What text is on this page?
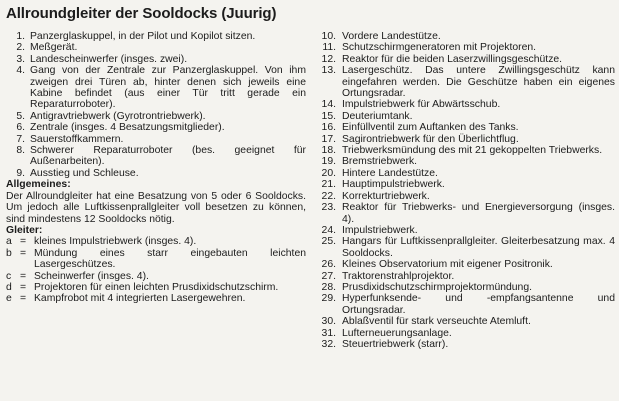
Allroundgleiter der Sooldocks (Juurig)
1. Panzerglaskuppel, in der Pilot und Kopilot sitzen.
2. Meßgerät.
3. Landescheinwerfer (insges. zwei).
4. Gang von der Zentrale zur Panzerglaskuppel. Von ihm zweigen drei Türen ab, hinter denen sich jeweils eine Kabine befindet (aus einer Tür tritt gerade ein Reparaturroboter).
5. Antigravtriebwerk (Gyrotrontriebwerk).
6. Zentrale (insges. 4 Besatzungsmitglieder).
7. Sauerstoffkammern.
8. Schwerer Reparaturroboter (bes. geeignet für Außenarbeiten).
9. Ausstieg und Schleuse.
Allgemeines:
Der Allroundgleiter hat eine Besatzung von 5 oder 6 Sooldocks. Um jedoch alle Luftkissenprallgleiter voll besetzen zu können, sind mindestens 12 Sooldocks nötig.
Gleiter:
a = kleines Impulstriebwerk (insges. 4).
b = Mündung eines starr eingebauten leichten Lasergeschützes.
c = Scheinwerfer (insges. 4).
d = Projektoren für einen leichten Prusdixidschutzschirm.
e = Kampfrobot mit 4 integrierten Lasergewehren.
10. Vordere Landestütze.
11. Schutzschirmgeneratoren mit Projektoren.
12. Reaktor für die beiden Laserzwillingsgeschütze.
13. Lasergeschütz. Das untere Zwillingsgeschütz kann eingefahren werden. Die Geschütze haben ein eigenes Ortungsradar.
14. Impulstriebwerk für Abwärtsschub.
15. Deuteriumtank.
16. Einfüllventil zum Auftanken des Tanks.
17. Sagirontriebwerk für den Überlichtflug.
18. Triebwerksmündung des mit 21 gekoppelten Triebwerks.
19. Bremstriebwerk.
20. Hintere Landestütze.
21. Hauptimpulstriebwerk.
22. Korrekturtriebwerk.
23. Reaktor für Triebwerks- und Energieversorgung (insges. 4).
24. Impulstriebwerk.
25. Hangars für Luftkissenprallgleiter. Gleiterbesatzung max. 4 Sooldocks.
26. Kleines Observatorium mit eigener Positronik.
27. Traktorenstrahlprojektor.
28. Prusdixidschutzschirmprojektormündung.
29. Hyperfunksende- und -empfangsantenne und Ortungsradar.
30. Ablaßventil für stark verseuchte Atemluft.
31. Lufterneuerungsanlage.
32. Steuertriebwerk (starr).
